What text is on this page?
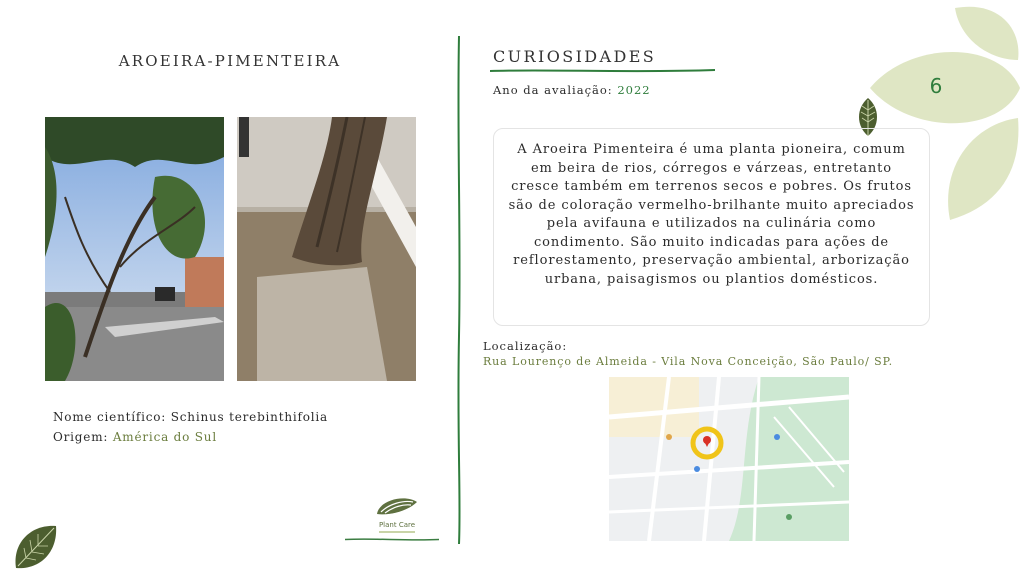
6
AROEIRA-PIMENTEIRA
Nome científico: Schinus terebinthifolia
Origem: América do Sul
Plant Care
CURIOSIDADES
Ano da avaliação: 2022
A Aroeira Pimenteira é uma planta pioneira, comum em beira de rios, córregos e várzeas, entretanto cresce também em terrenos secos e pobres. Os frutos são de coloração vermelho-brilhante muito apreciados pela avifauna e utilizados na culinária como condimento. São muito indicadas para ações de reflorestamento, preservação ambiental, arborização urbana, paisagismos ou plantios domésticos.
Localização:
Rua Lourenço de Almeida - Vila Nova Conceição, São Paulo/ SP.
